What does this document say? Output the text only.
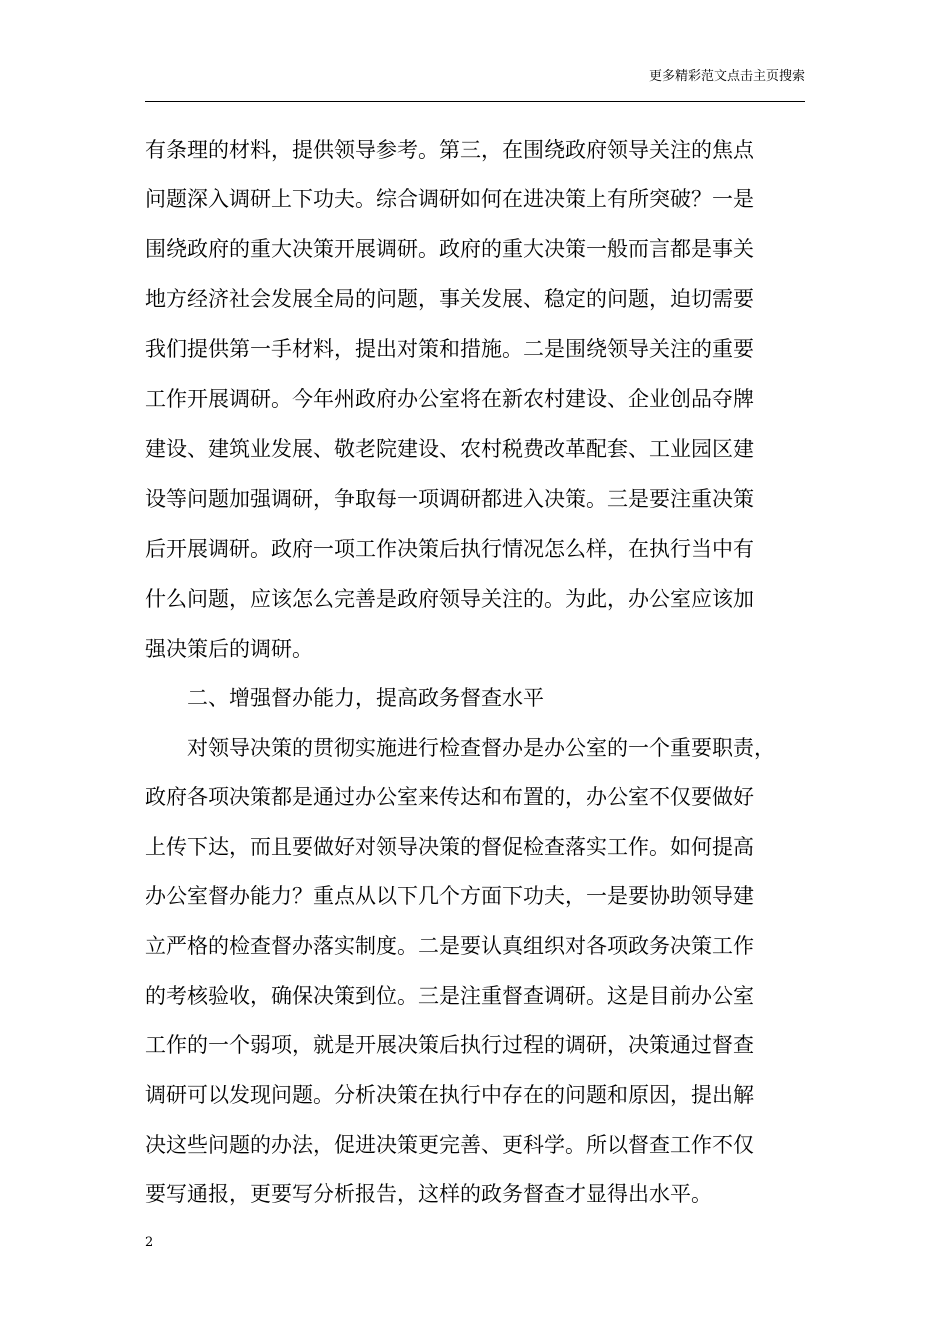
更多精彩范文点击主页搜索
有条理的材料，提供领导参考。第三，在围绕政府领导关注的焦点
问题深入调研上下功夫。综合调研如何在进决策上有所突破？一是
围绕政府的重大决策开展调研。政府的重大决策一般而言都是事关
地方经济社会发展全局的问题，事关发展、稳定的问题，迫切需要
我们提供第一手材料，提出对策和措施。二是围绕领导关注的重要
工作开展调研。今年州政府办公室将在新农村建设、企业创品夺牌
建设、建筑业发展、敬老院建设、农村税费改革配套、工业园区建
设等问题加强调研，争取每一项调研都进入决策。三是要注重决策
后开展调研。政府一项工作决策后执行情况怎么样，在执行当中有
什么问题，应该怎么完善是政府领导关注的。为此，办公室应该加
强决策后的调研。
二、增强督办能力，提高政务督查水平
对领导决策的贯彻实施进行检查督办是办公室的一个重要职责，
政府各项决策都是通过办公室来传达和布置的，办公室不仅要做好
上传下达，而且要做好对领导决策的督促检查落实工作。如何提高
办公室督办能力？重点从以下几个方面下功夫，一是要协助领导建
立严格的检查督办落实制度。二是要认真组织对各项政务决策工作
的考核验收，确保决策到位。三是注重督查调研。这是目前办公室
工作的一个弱项，就是开展决策后执行过程的调研，决策通过督查
调研可以发现问题。分析决策在执行中存在的问题和原因，提出解
决这些问题的办法，促进决策更完善、更科学。所以督查工作不仅
要写通报，更要写分析报告，这样的政务督查才显得出水平。
2
